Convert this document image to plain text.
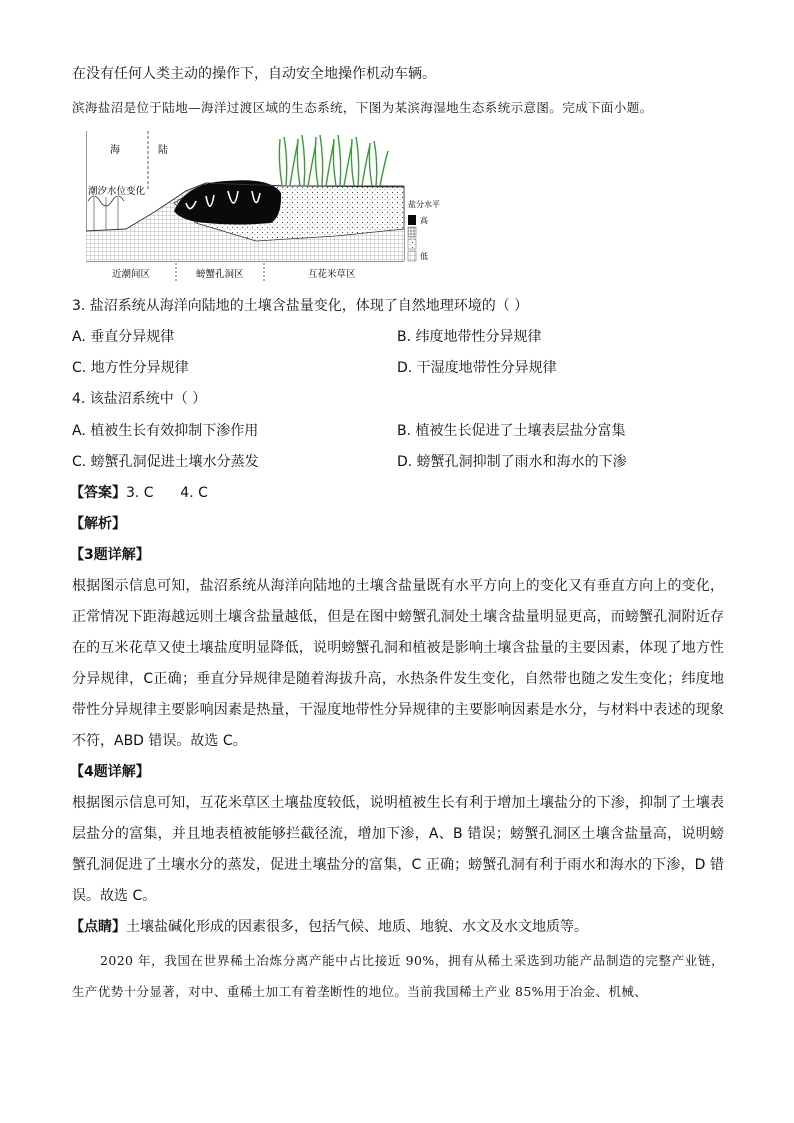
在没有任何人类主动的操作下，自动安全地操作机动车辆。
滨海盐沼是位于陆地—海洋过渡区域的生态系统，下图为某滨海湿地生态系统示意图。完成下面小题。
海	陆
潮汐水位变化
盐分水平
高
低
近潮间区	螃蟹孔洞区	互花米草区
3. 盐沼系统从海洋向陆地的土壤含盐量变化，体现了自然地理环境的（ ）
A. 垂直分异规律	B. 纬度地带性分异规律
C. 地方性分异规律	D. 干湿度地带性分异规律
4. 该盐沼系统中（ ）
A. 植被生长有效抑制下渗作用	B. 植被生长促进了土壤表层盐分富集
C. 螃蟹孔洞促进土壤水分蒸发	D. 螃蟹孔洞抑制了雨水和海水的下渗
【答案】3. C      4. C
【解析】
【3题详解】
根据图示信息可知，盐沼系统从海洋向陆地的土壤含盐量既有水平方向上的变化又有垂直方向上的变化，正常情况下距海越远则土壤含盐量越低，但是在图中螃蟹孔洞处土壤含盐量明显更高，而螃蟹孔洞附近存在的互米花草又使土壤盐度明显降低，说明螃蟹孔洞和植被是影响土壤含盐量的主要因素，体现了地方性分异规律，C正确；垂直分异规律是随着海拔升高，水热条件发生变化，自然带也随之发生变化；纬度地带性分异规律主要影响因素是热量，干湿度地带性分异规律的主要影响因素是水分，与材料中表述的现象不符，ABD 错误。故选 C。
【4题详解】
根据图示信息可知，互花米草区土壤盐度较低，说明植被生长有利于增加土壤盐分的下渗，抑制了土壤表层盐分的富集，并且地表植被能够拦截径流，增加下渗，A、B 错误；螃蟹孔洞区土壤含盐量高，说明螃蟹孔洞促进了土壤水分的蒸发，促进土壤盐分的富集，C 正确；螃蟹孔洞有利于雨水和海水的下渗，D 错误。故选 C。
【点睛】土壤盐碱化形成的因素很多，包括气候、地质、地貌、水文及水文地质等。
2020 年，我国在世界稀土冶炼分离产能中占比接近 90%，拥有从稀土采选到功能产品制造的完整产业链，生产优势十分显著，对中、重稀土加工有着垄断性的地位。当前我国稀土产业 85%用于冶金、机械、
